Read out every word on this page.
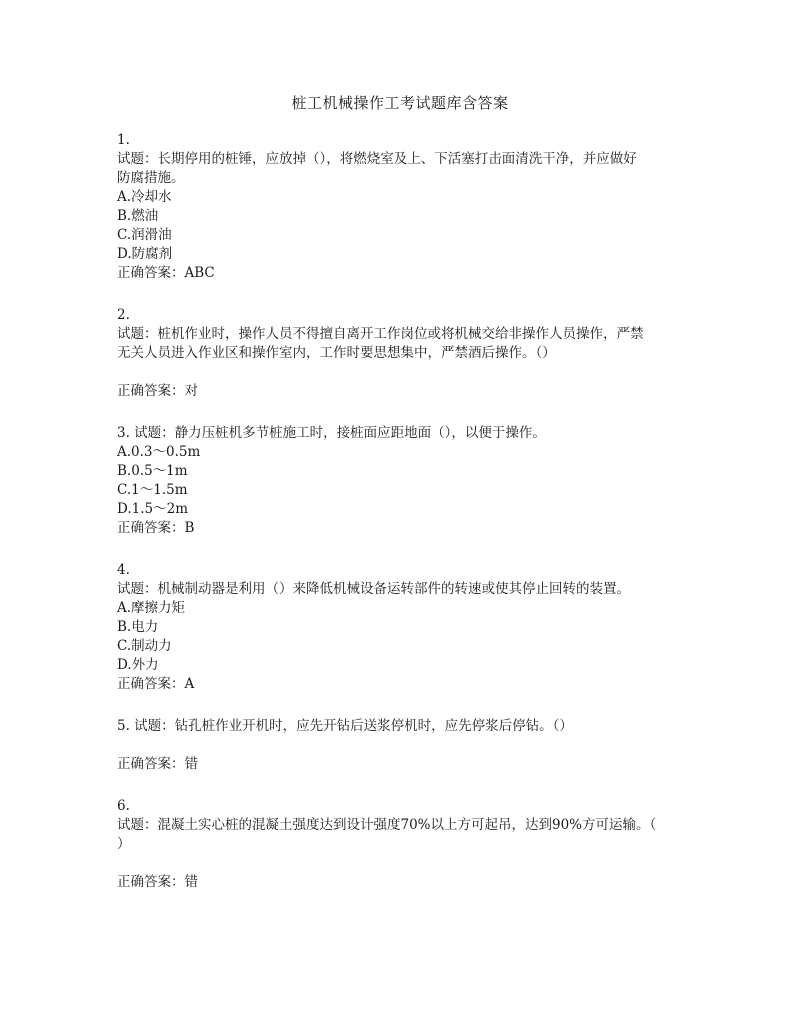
桩工机械操作工考试题库含答案
1.
试题：长期停用的桩锤，应放掉（），将燃烧室及上、下活塞打击面清洗干净，并应做好
防腐措施。
A.冷却水
B.燃油
C.润滑油
D.防腐剂
正确答案：ABC
2.
试题：桩机作业时，操作人员不得擅自离开工作岗位或将机械交给非操作人员操作，严禁
无关人员进入作业区和操作室内，工作时要思想集中，严禁酒后操作。（）
正确答案：对
3. 试题：静力压桩机多节桩施工时，接桩面应距地面（），以便于操作。
A.0.3～0.5m
B.0.5～1m
C.1～1.5m
D.1.5～2m
正确答案：B
4.
试题：机械制动器是利用（）来降低机械设备运转部件的转速或使其停止回转的装置。
A.摩擦力矩
B.电力
C.制动力
D.外力
正确答案：A
5. 试题：钻孔桩作业开机时，应先开钻后送浆停机时，应先停浆后停钻。（）
正确答案：错
6.
试题：混凝土实心桩的混凝土强度达到设计强度70%以上方可起吊，达到90%方可运输。（
）
正确答案：错
